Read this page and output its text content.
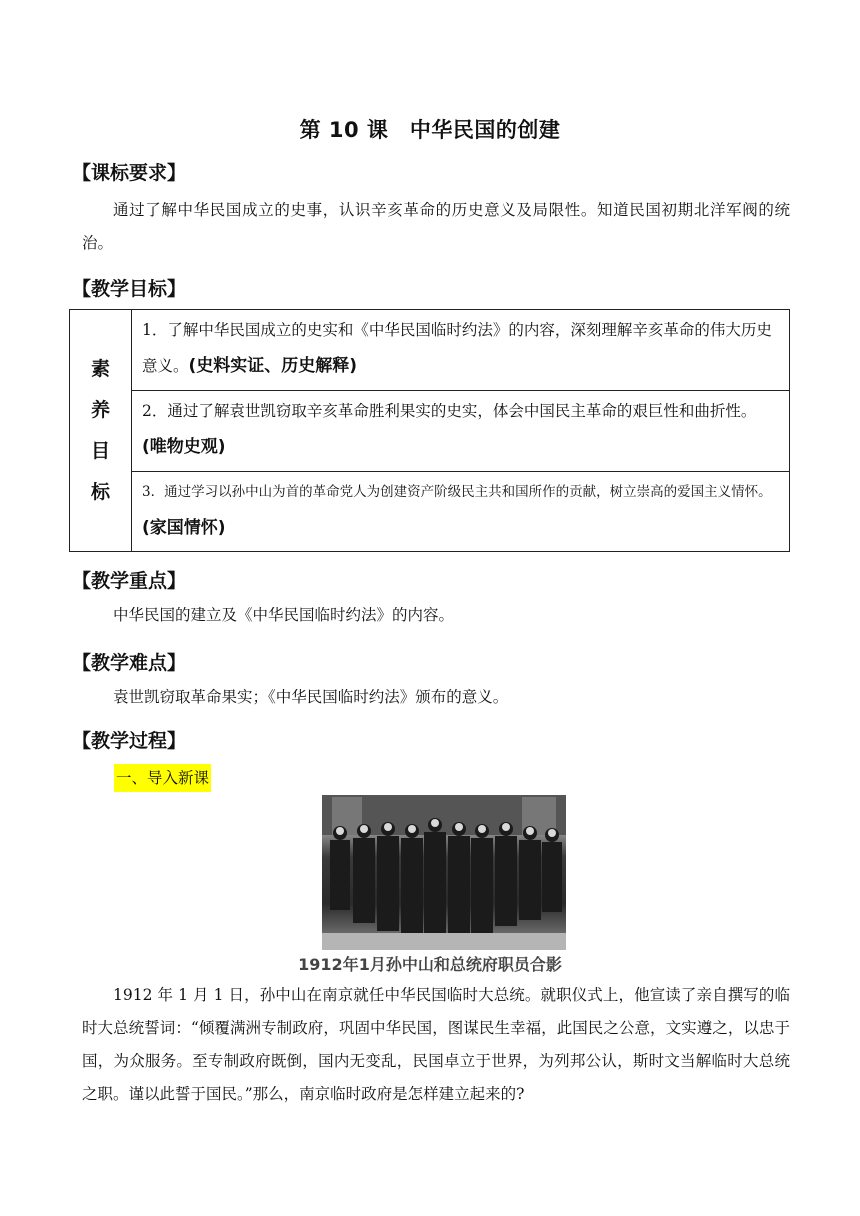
第 10 课　中华民国的创建
【课标要求】
通过了解中华民国成立的史事，认识辛亥革命的历史意义及局限性。知道民国初期北洋军阀的统治。
【教学目标】
素
养
目
标
1．了解中华民国成立的史实和《中华民国临时约法》的内容，深刻理解辛亥革命的伟大历史意义。(史料实证、历史解释)
2．通过了解袁世凯窃取辛亥革命胜利果实的史实，体会中国民主革命的艰巨性和曲折性。(唯物史观)
3．通过学习以孙中山为首的革命党人为创建资产阶级民主共和国所作的贡献，树立崇高的爱国主义情怀。(家国情怀)
【教学重点】
中华民国的建立及《中华民国临时约法》的内容。
【教学难点】
袁世凯窃取革命果实；《中华民国临时约法》颁布的意义。
【教学过程】
一、导入新课
1912年1月孙中山和总统府职员合影
1912 年 1 月 1 日，孙中山在南京就任中华民国临时大总统。就职仪式上，他宣读了亲自撰写的临时大总统誓词：“倾覆满洲专制政府，巩固中华民国，图谋民生幸福，此国民之公意，文实遵之，以忠于国，为众服务。至专制政府既倒，国内无变乱，民国卓立于世界，为列邦公认，斯时文当解临时大总统之职。谨以此誓于国民。”那么，南京临时政府是怎样建立起来的?
